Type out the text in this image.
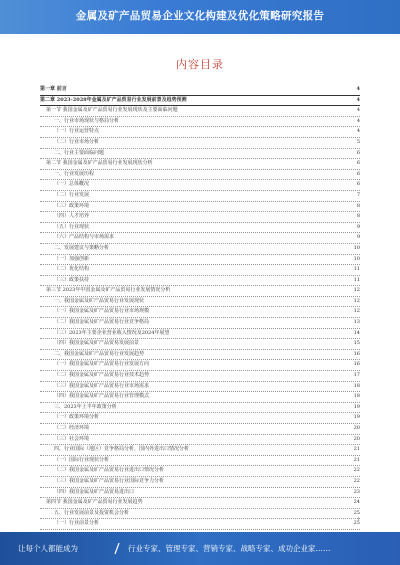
金属及矿产品贸易企业文化构建及优化策略研究报告
内容目录
第一章 前言	4
第二章 2023-2028年金属及矿产品贸易行业发展前景及趋势预测	4
第一节 我国金属及矿产品贸易行业发展现状及主要面临问题	4
一、行业市场现状与格局分析	4
（一）行业运营特点	4
（二）行业市场分析	5
二、行业主要面临问题	6
第二节 我国金属及矿产品贸易行业发展现状分析	6
一、行业发展历程	6
（一）总体概况	6
（二）行业发展	7
（三）政策环境	8
（四）人才培养	8
（五）行业现状	9
（六）产品结构与市场需求	9
二、发展建议与策略分析	10
（一）加强创新	10
（二）优化结构	11
（三）政策扶持	11
第三节 2023年中国金属及矿产品贸易行业发展情况分析	12
一、我国金属及矿产品贸易行业发展现状	12
（一）我国金属及矿产品贸易行业市场规模	12
（二）我国金属及矿产品贸易行业竞争格局	13
（三）2023年主要企业营业收入情况及2024年展望	14
（四）我国金属及矿产品贸易发展前景	15
二、我国金属及矿产品贸易行业发展趋势	16
（一）我国金属及矿产品贸易行业发展方向	16
（二）我国金属及矿产品贸易行业技术趋势	17
（三）我国金属及矿产品贸易行业市场需求	18
（四）我国金属及矿产品贸易行业管理模式	18
三、2023年上半年政策分析	19
（一）政策环境分析	19
（二）经济环境	20
（三）社会环境	20
四、行业国际（地区）竞争格局分析，国内外进出口情况分析	21
（一）国际行业现状分析	21
（二）我国金属及矿产品贸易行业进出口情况分析	22
（三）我国金属及矿产品贸易行业国际竞争力分析	22
（四）我国金属及矿产品贸易进出口	23
第四节 我国金属及矿产品贸易行业发展趋势	24
五、行业发展前景及投资机会分析	25
（一）行业前景分析	25
1
让每个人都能成为	行业专家、管理专家、营销专家、战略专家、成功企业家……
